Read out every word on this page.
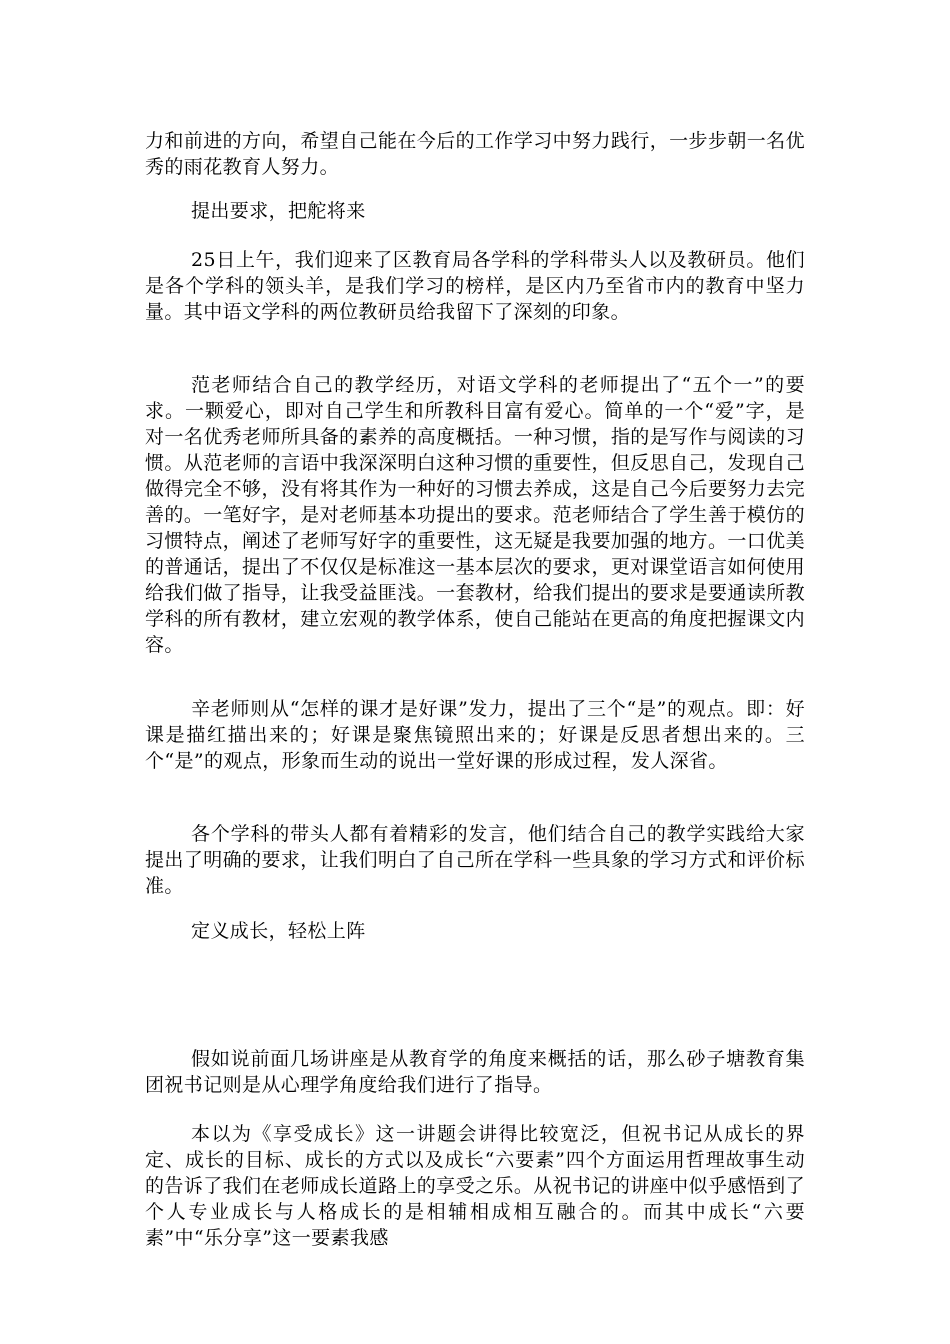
力和前进的方向，希望自己能在今后的工作学习中努力践行，一步步朝一名优秀的雨花教育人努力。

提出要求，把舵将来

25日上午，我们迎来了区教育局各学科的学科带头人以及教研员。他们是各个学科的领头羊，是我们学习的榜样，是区内乃至省市内的教育中坚力量。其中语文学科的两位教研员给我留下了深刻的印象。

范老师结合自己的教学经历，对语文学科的老师提出了“五个一”的要求。一颗爱心，即对自己学生和所教科目富有爱心。简单的一个“爱”字，是对一名优秀老师所具备的素养的高度概括。一种习惯，指的是写作与阅读的习惯。从范老师的言语中我深深明白这种习惯的重要性，但反思自己，发现自己做得完全不够，没有将其作为一种好的习惯去养成，这是自己今后要努力去完善的。一笔好字，是对老师基本功提出的要求。范老师结合了学生善于模仿的习惯特点，阐述了老师写好字的重要性，这无疑是我要加强的地方。一口优美的普通话，提出了不仅仅是标准这一基本层次的要求，更对课堂语言如何使用给我们做了指导，让我受益匪浅。一套教材，给我们提出的要求是要通读所教学科的所有教材，建立宏观的教学体系，使自己能站在更高的角度把握课文内容。

辛老师则从“怎样的课才是好课”发力，提出了三个“是”的观点。即：好课是描红描出来的；好课是聚焦镜照出来的；好课是反思者想出来的。三个“是”的观点，形象而生动的说出一堂好课的形成过程，发人深省。

各个学科的带头人都有着精彩的发言，他们结合自己的教学实践给大家提出了明确的要求，让我们明白了自己所在学科一些具象的学习方式和评价标准。

定义成长，轻松上阵

假如说前面几场讲座是从教育学的角度来概括的话，那么砂子塘教育集团祝书记则是从心理学角度给我们进行了指导。

本以为《享受成长》这一讲题会讲得比较宽泛，但祝书记从成长的界定、成长的目标、成长的方式以及成长“六要素”四个方面运用哲理故事生动的告诉了我们在老师成长道路上的享受之乐。从祝书记的讲座中似乎感悟到了个人专业成长与人格成长的是相辅相成相互融合的。而其中成长“六要素”中“乐分享”这一要素我感
